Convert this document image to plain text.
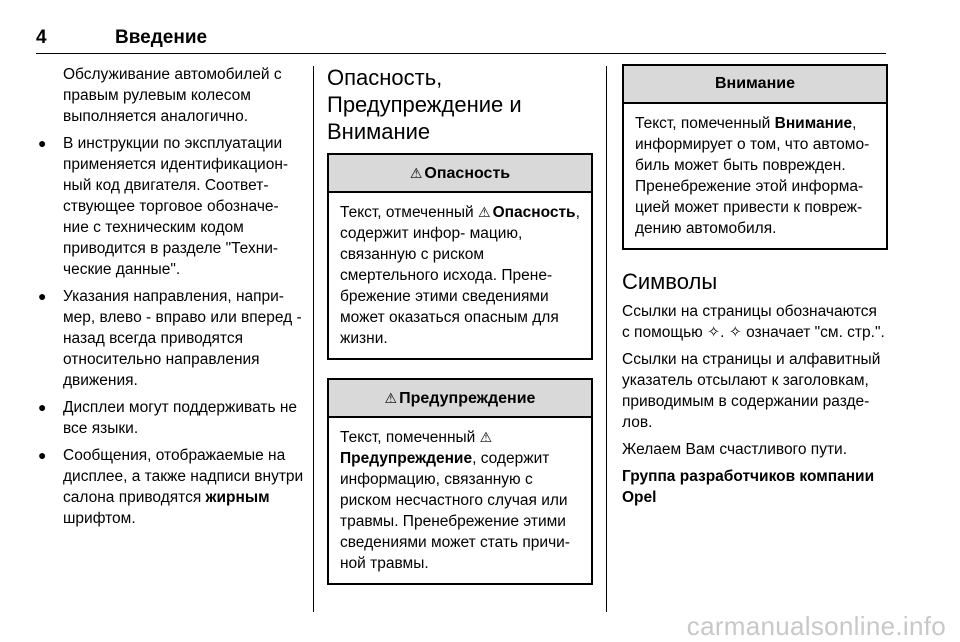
4	Введение

Обслуживание автомобилей с правым рулевым колесом выполняется аналогично.

● В инструкции по эксплуатации применяется идентификацион- ный код двигателя. Соответ- ствующее торговое обозначе- ние с техническим кодом приводится в разделе "Техни- ческие данные".
● Указания направления, напри- мер, влево - вправо или вперед - назад всегда приводятся относительно направления движения.
● Дисплеи могут поддерживать не все языки.
● Сообщения, отображаемые на дисплее, а также надписи внутри салона приводятся жирным шрифтом.
Опасность, Предупреждение и Внимание
⚠ Опасность
Текст, отмеченный ⚠ Опасность, содержит инфор- мацию, связанную с риском смертельного исхода. Прене- брежение этими сведениями может оказаться опасным для жизни.
⚠ Предупреждение
Текст, помеченный ⚠Предупреждение, содержит информацию, связанную с риском несчастного случая или травмы. Пренебрежение этими сведениями может стать причи- ной травмы.
Внимание
Текст, помеченный Внимание, информирует о том, что автомо- биль может быть поврежден. Пренебрежение этой информа- цией может привести к повреж- дению автомобиля.
Символы

Ссылки на страницы обозначаются с помощью ✧. ✧ означает "см. стр.".

Ссылки на страницы и алфавитный указатель отсылают к заголовкам, приводимым в содержании разде- лов.

Желаем Вам счастливого пути.

Группа разработчиков компании Opel

carmanualsonline.info
